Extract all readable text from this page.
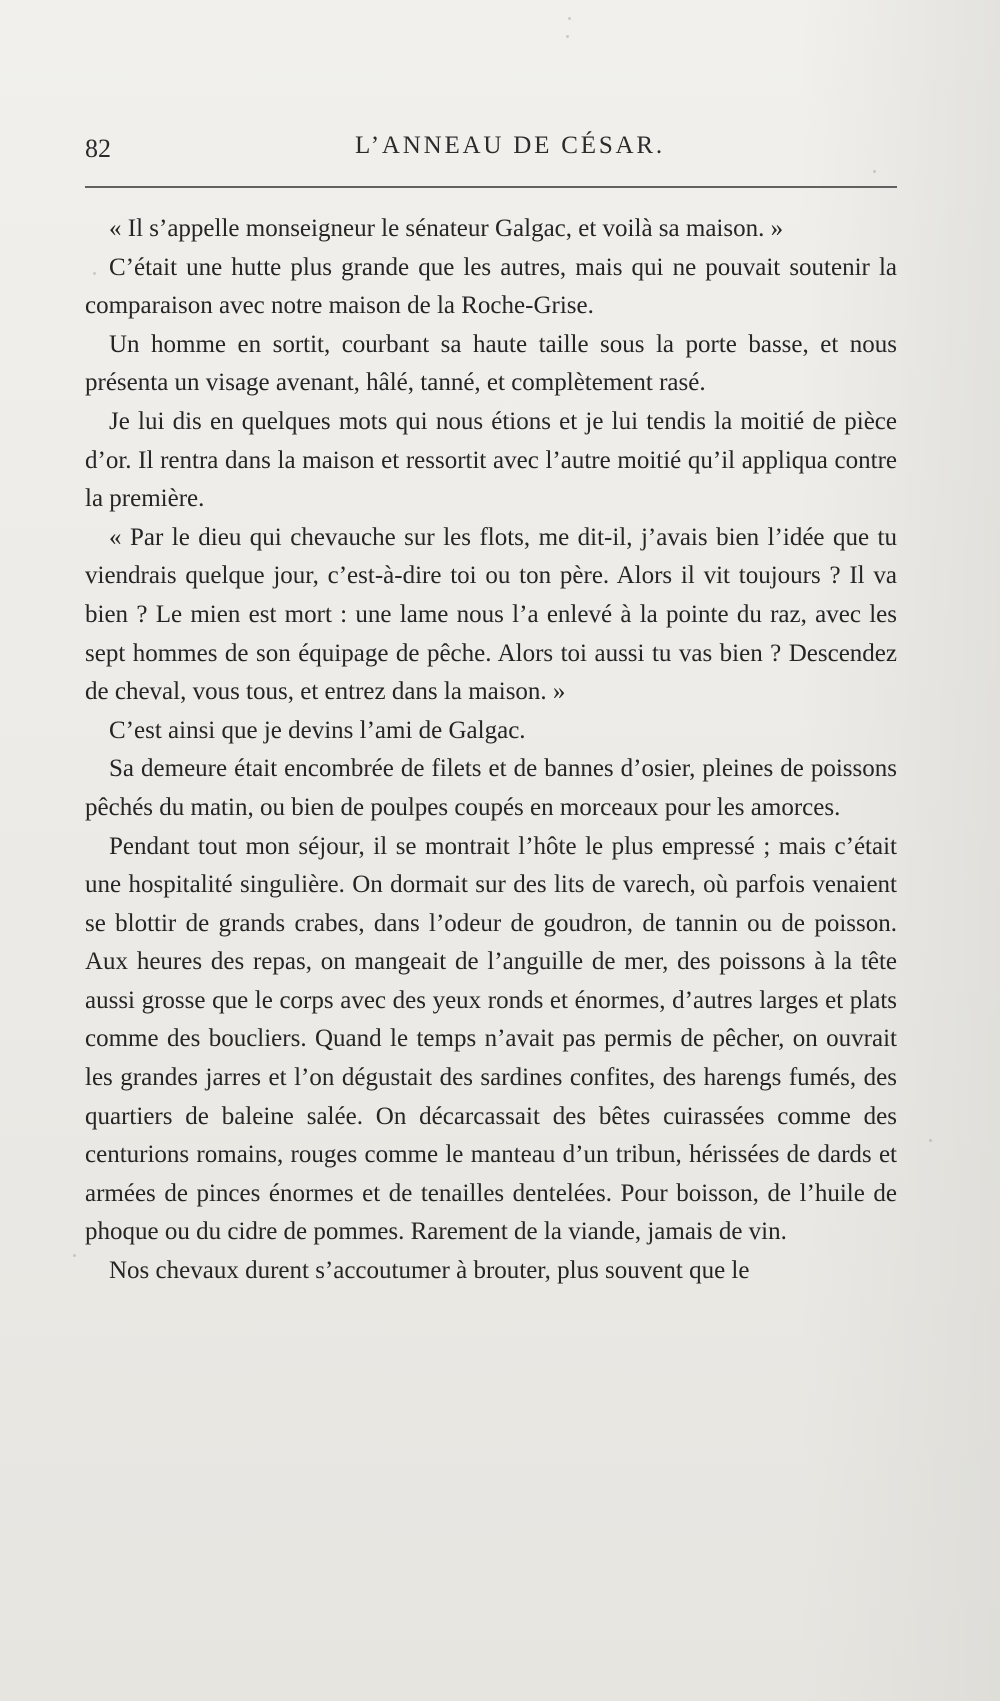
82	L’ANNEAU DE CÉSAR.

« Il s’appelle monseigneur le sénateur Galgac, et voilà sa maison. »

C’était une hutte plus grande que les autres, mais qui ne pouvait soutenir la comparaison avec notre maison de la Roche-Grise.

Un homme en sortit, courbant sa haute taille sous la porte basse, et nous présenta un visage avenant, hâlé, tanné, et complètement rasé.

Je lui dis en quelques mots qui nous étions et je lui tendis la moitié de pièce d’or. Il rentra dans la maison et ressortit avec l’autre moitié qu’il appliqua contre la première.

« Par le dieu qui chevauche sur les flots, me dit-il, j’avais bien l’idée que tu viendrais quelque jour, c’est-à-dire toi ou ton père. Alors il vit toujours ? Il va bien ? Le mien est mort : une lame nous l’a enlevé à la pointe du raz, avec les sept hommes de son équipage de pêche. Alors toi aussi tu vas bien ? Descendez de cheval, vous tous, et entrez dans la maison. »

C’est ainsi que je devins l’ami de Galgac.

Sa demeure était encombrée de filets et de bannes d’osier, pleines de poissons pêchés du matin, ou bien de poulpes coupés en morceaux pour les amorces.

Pendant tout mon séjour, il se montrait l’hôte le plus empressé ; mais c’était une hospitalité singulière. On dormait sur des lits de varech, où parfois venaient se blottir de grands crabes, dans l’odeur de goudron, de tannin ou de poisson. Aux heures des repas, on mangeait de l’anguille de mer, des poissons à la tête aussi grosse que le corps avec des yeux ronds et énormes, d’autres larges et plats comme des boucliers. Quand le temps n’avait pas permis de pêcher, on ouvrait les grandes jarres et l’on dégustait des sardines confites, des harengs fumés, des quartiers de baleine salée. On décarcassait des bêtes cuirassées comme des centurions romains, rouges comme le manteau d’un tribun, hérissées de dards et armées de pinces énormes et de tenailles dentelées. Pour boisson, de l’huile de phoque ou du cidre de pommes. Rarement de la viande, jamais de vin.

Nos chevaux durent s’accoutumer à brouter, plus souvent que le
